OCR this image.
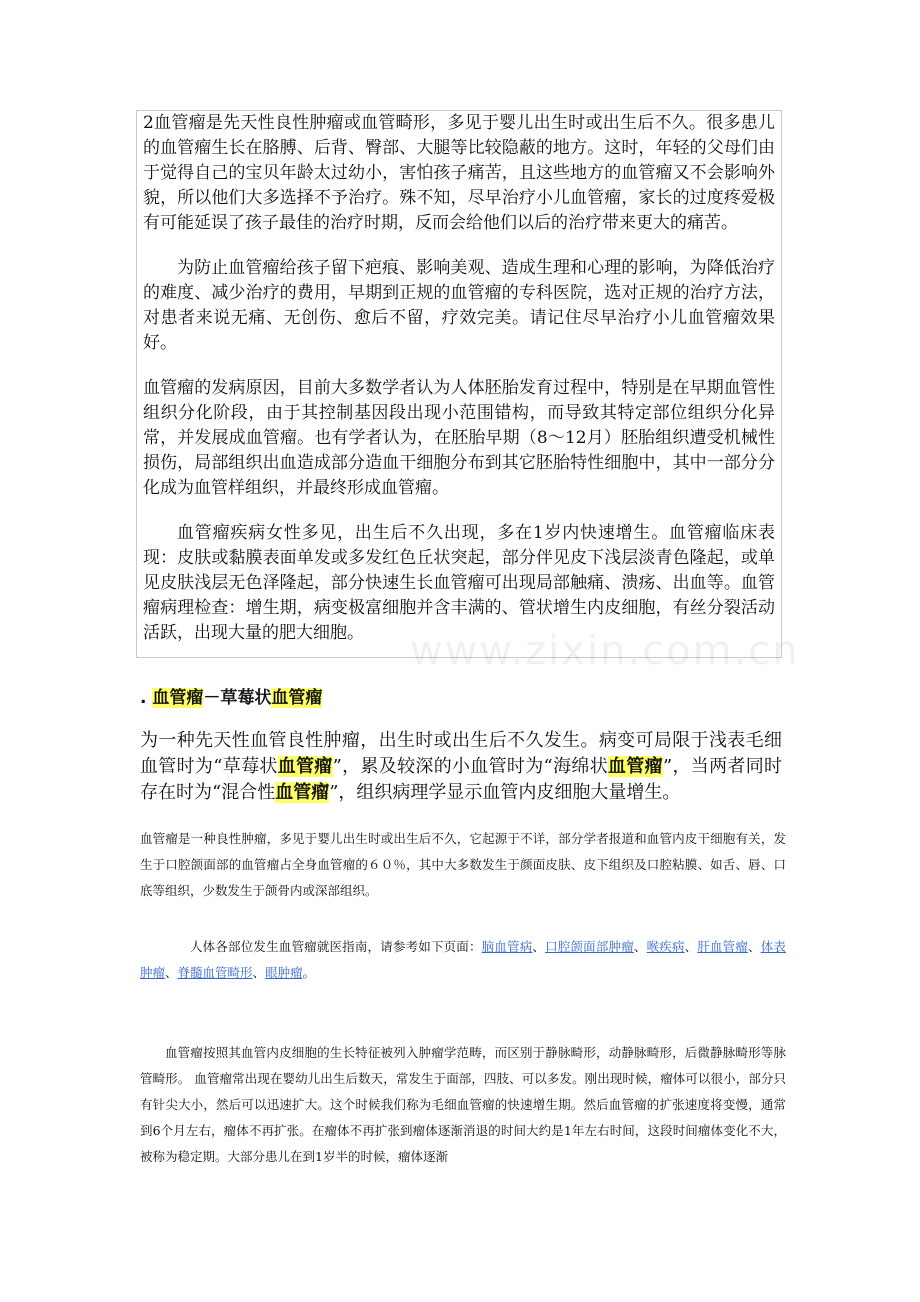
2血管瘤是先天性良性肿瘤或血管畸形，多见于婴儿出生时或出生后不久。很多患儿的血管瘤生长在胳膊、后背、臀部、大腿等比较隐蔽的地方。这时，年轻的父母们由于觉得自己的宝贝年龄太过幼小，害怕孩子痛苦，且这些地方的血管瘤又不会影响外貌，所以他们大多选择不予治疗。殊不知，尽早治疗小儿血管瘤，家长的过度疼爱极有可能延误了孩子最佳的治疗时期，反而会给他们以后的治疗带来更大的痛苦。

为防止血管瘤给孩子留下疤痕、影响美观、造成生理和心理的影响，为降低治疗的难度、减少治疗的费用，早期到正规的血管瘤的专科医院，选对正规的治疗方法，对患者来说无痛、无创伤、愈后不留，疗效完美。请记住尽早治疗小儿血管瘤效果好。

血管瘤的发病原因，目前大多数学者认为人体胚胎发育过程中，特别是在早期血管性组织分化阶段，由于其控制基因段出现小范围错构，而导致其特定部位组织分化异常，并发展成血管瘤。也有学者认为，在胚胎早期（8～12月）胚胎组织遭受机械性损伤，局部组织出血造成部分造血干细胞分布到其它胚胎特性细胞中，其中一部分分化成为血管样组织，并最终形成血管瘤。

血管瘤疾病女性多见，出生后不久出现，多在1岁内快速增生。血管瘤临床表现：皮肤或黏膜表面单发或多发红色丘状突起，部分伴见皮下浅层淡青色隆起，或单见皮肤浅层无色泽隆起，部分快速生长血管瘤可出现局部触痛、溃疡、出血等。血管瘤病理检查：增生期，病变极富细胞并含丰满的、管状增生内皮细胞，有丝分裂活动活跃，出现大量的肥大细胞。	www.zixin.com.cn
. 血管瘤－草莓状血管瘤

为一种先天性血管良性肿瘤，出生时或出生后不久发生。病变可局限于浅表毛细血管时为“草莓状血管瘤”，累及较深的小血管时为“海绵状血管瘤”，当两者同时存在时为“混合性血管瘤”，组织病理学显示血管内皮细胞大量增生。

血管瘤是一种良性肿瘤，多见于婴儿出生时或出生后不久，它起源于不详，部分学者报道和血管内皮干细胞有关，发生于口腔颌面部的血管瘤占全身血管瘤的６０％，其中大多数发生于颜面皮肤、皮下组织及口腔粘膜、如舌、唇、口底等组织，少数发生于颌骨内或深部组织。

人体各部位发生血管瘤就医指南，请参考如下页面：脑血管病、口腔颌面部肿瘤、喉疾病、肝血管瘤、体表肿瘤、脊髓血管畸形、眼肿瘤。

血管瘤按照其血管内皮细胞的生长特征被列入肿瘤学范畴，而区别于静脉畸形，动静脉畸形，后微静脉畸形等脉管畸形。 血管瘤常出现在婴幼儿出生后数天，常发生于面部，四肢、可以多发。刚出现时候，瘤体可以很小，部分只有针尖大小，然后可以迅速扩大。这个时候我们称为毛细血管瘤的快速增生期。然后血管瘤的扩张速度将变慢，通常到6个月左右，瘤体不再扩张。在瘤体不再扩张到瘤体逐渐消退的时间大约是1年左右时间，这段时间瘤体变化不大，被称为稳定期。大部分患儿在到1岁半的时候，瘤体逐渐
